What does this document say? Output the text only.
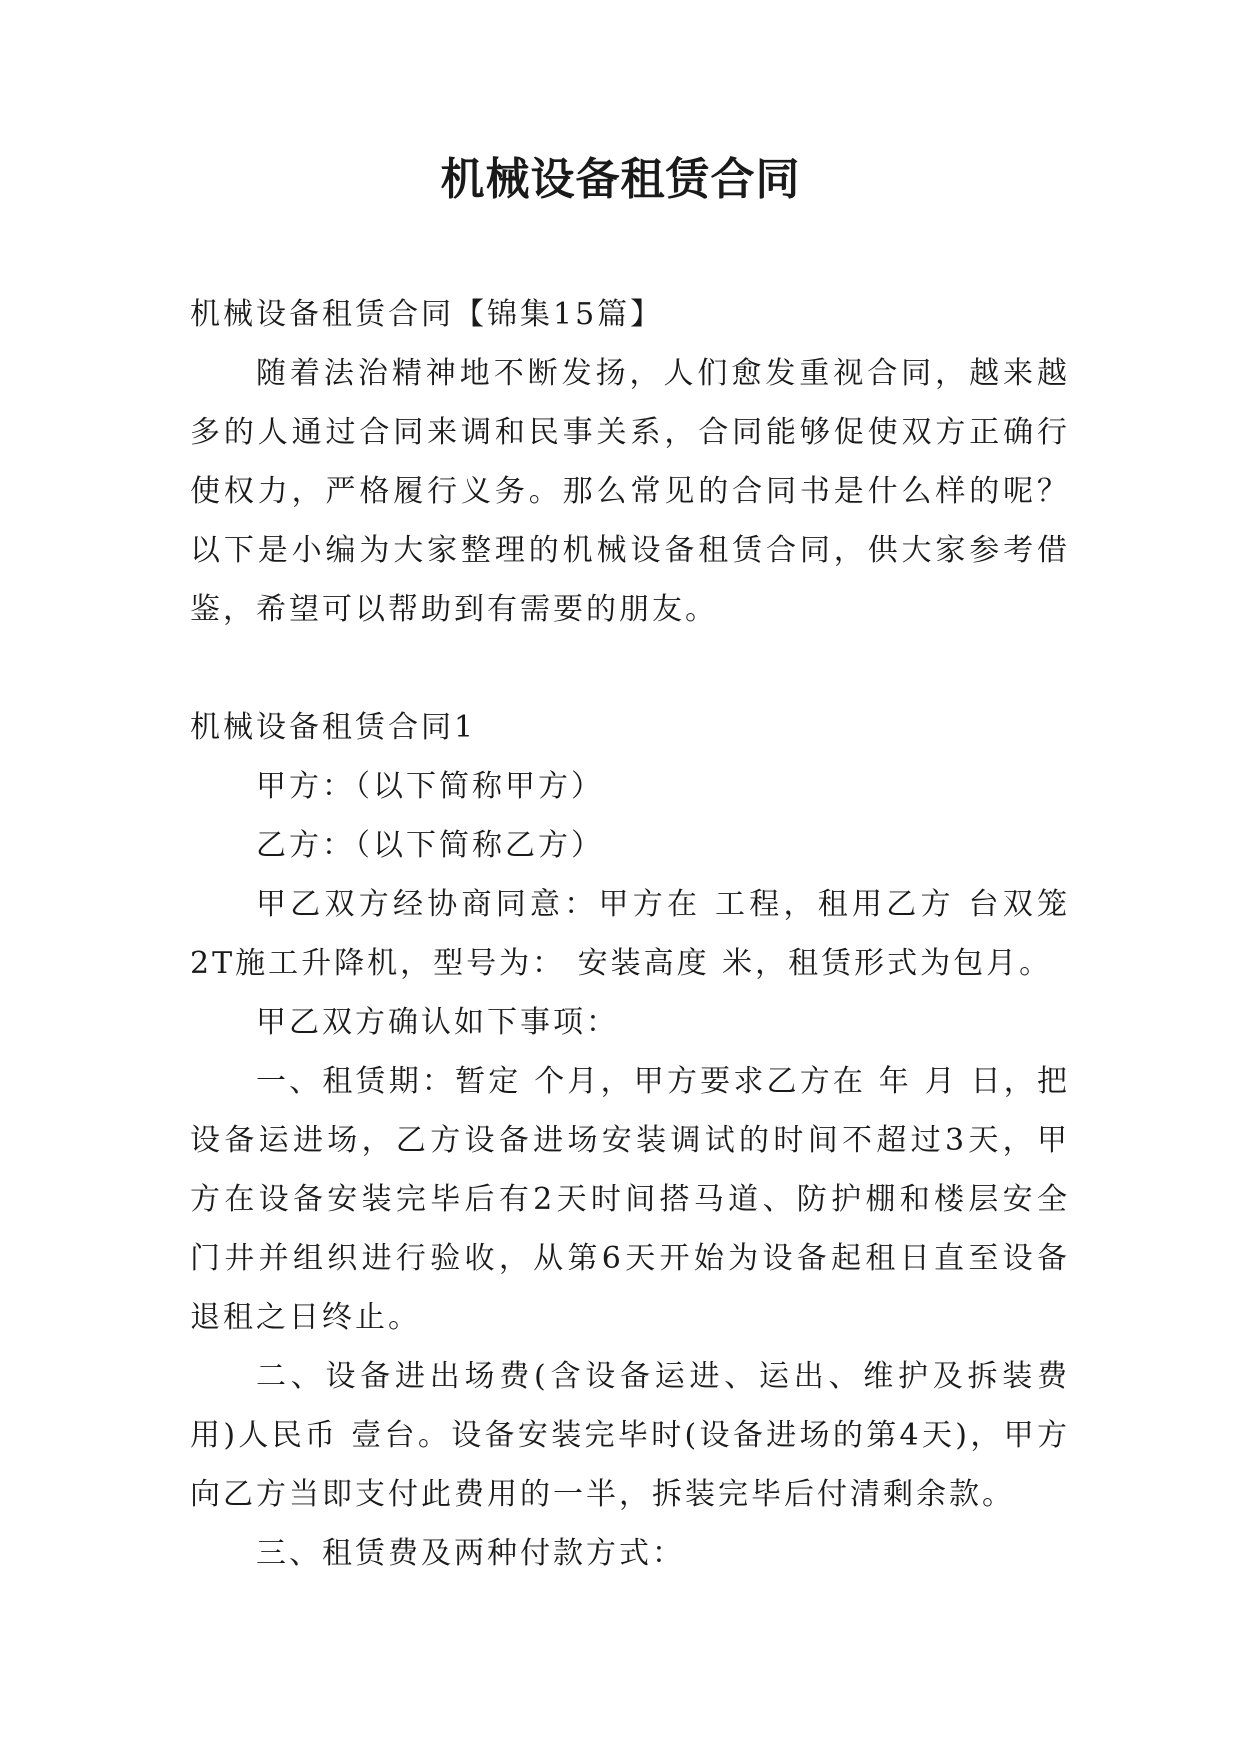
机械设备租赁合同

机械设备租赁合同【锦集15篇】

随着法治精神地不断发扬，人们愈发重视合同，越来越多的人通过合同来调和民事关系，合同能够促使双方正确行使权力，严格履行义务。那么常见的合同书是什么样的呢？以下是小编为大家整理的机械设备租赁合同，供大家参考借鉴，希望可以帮助到有需要的朋友。

机械设备租赁合同1

甲方：（以下简称甲方）

乙方：（以下简称乙方）

甲乙双方经协商同意：甲方在 工程，租用乙方 台双笼2T施工升降机，型号为： 安装高度 米，租赁形式为包月。

甲乙双方确认如下事项：

一、租赁期：暂定 个月，甲方要求乙方在 年 月 日，把设备运进场，乙方设备进场安装调试的时间不超过3天，甲方在设备安装完毕后有2天时间搭马道、防护棚和楼层安全门井并组织进行验收，从第6天开始为设备起租日直至设备退租之日终止。

二、设备进出场费(含设备运进、运出、维护及拆装费用)人民币 壹台。设备安装完毕时(设备进场的第4天)，甲方向乙方当即支付此费用的一半，拆装完毕后付清剩余款。

三、租赁费及两种付款方式：
